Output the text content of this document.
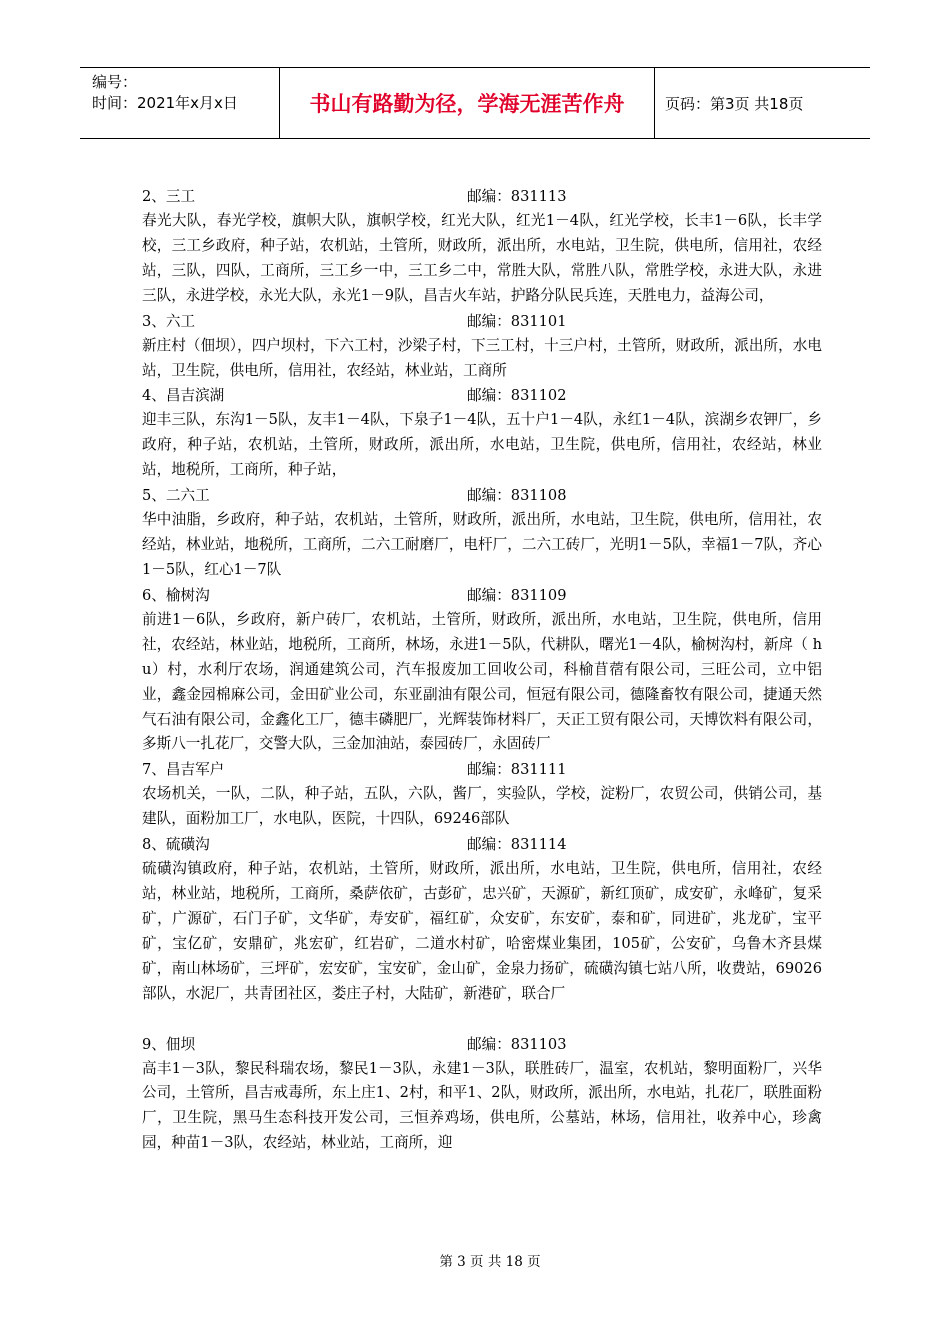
编号：
时间：2021年x月x日	书山有路勤为径，学海无涯苦作舟	页码：第3页 共18页
2、三工	邮编：831113

春光大队，春光学校，旗帜大队，旗帜学校，红光大队，红光1－4队，红光学校，长丰1－6队，长丰学校，三工乡政府，种子站，农机站，土管所，财政所，派出所，水电站，卫生院，供电所，信用社，农经站，三队，四队，工商所，三工乡一中，三工乡二中，常胜大队，常胜八队，常胜学校，永进大队，永进三队，永进学校，永光大队，永光1－9队，昌吉火车站，护路分队民兵连，天胜电力，益海公司，

3、六工	邮编：831101

新庄村（佃坝），四户坝村，下六工村，沙梁子村，下三工村，十三户村，土管所，财政所，派出所，水电站，卫生院，供电所，信用社，农经站，林业站，工商所

4、昌吉滨湖	邮编：831102

迎丰三队，东沟1－5队，友丰1－4队，下泉子1－4队，五十户1－4队，永红1－4队，滨湖乡农钾厂，乡政府，种子站，农机站，土管所，财政所，派出所，水电站，卫生院，供电所，信用社，农经站，林业站，地税所，工商所，种子站，

5、二六工	邮编：831108

华中油脂，乡政府，种子站，农机站，土管所，财政所，派出所，水电站，卫生院，供电所，信用社，农经站，林业站，地税所，工商所，二六工耐磨厂，电杆厂，二六工砖厂，光明1－5队，幸福1－7队，齐心1－5队，红心1－7队

6、榆树沟	邮编：831109

前进1－6队，乡政府，新户砖厂，农机站，土管所，财政所，派出所，水电站，卫生院，供电所，信用社，农经站，林业站，地税所，工商所，林场，永进1－5队，代耕队，曙光1－4队，榆树沟村，新戽（ hu）村，水利厅农场，润通建筑公司，汽车报废加工回收公司，科榆苜蓿有限公司，三旺公司，立中铝业，鑫金园棉麻公司，金田矿业公司，东亚副油有限公司，恒冠有限公司，德隆畜牧有限公司，捷通天然气石油有限公司，金鑫化工厂，德丰磷肥厂，光辉装饰材料厂，天正工贸有限公司，天博饮料有限公司，多斯八一扎花厂，交警大队，三金加油站，泰园砖厂，永固砖厂

7、昌吉军户	邮编：831111

农场机关，一队，二队，种子站，五队，六队，酱厂，实验队，学校，淀粉厂，农贸公司，供销公司，基建队，面粉加工厂，水电队，医院，十四队，69246部队

8、硫磺沟	邮编：831114

硫磺沟镇政府，种子站，农机站，土管所，财政所，派出所，水电站，卫生院，供电所，信用社，农经站，林业站，地税所，工商所，桑萨依矿，古彭矿，忠兴矿，天源矿，新红顶矿，成安矿，永峰矿，复采矿，广源矿，石门子矿，文华矿，寿安矿，福红矿，众安矿，东安矿，泰和矿，同进矿，兆龙矿，宝平矿，宝亿矿，安鼎矿，兆宏矿，红岩矿，二道水村矿，哈密煤业集团，105矿，公安矿，乌鲁木齐县煤矿，南山林场矿，三坪矿，宏安矿，宝安矿，金山矿，金泉力扬矿，硫磺沟镇七站八所，收费站，69026部队，水泥厂，共青团社区，娄庄子村，大陆矿，新港矿，联合厂

9、佃坝	邮编：831103

高丰1－3队，黎民科瑞农场，黎民1－3队，永建1－3队，联胜砖厂，温室，农机站，黎明面粉厂，兴华公司，土管所，昌吉戒毒所，东上庄1、2村，和平1、2队，财政所，派出所，水电站，扎花厂，联胜面粉厂，卫生院，黑马生态科技开发公司，三恒养鸡场，供电所，公墓站，林场，信用社，收养中心，珍禽园，种苗1－3队，农经站，林业站，工商所，迎

第 3 页 共 18 页
